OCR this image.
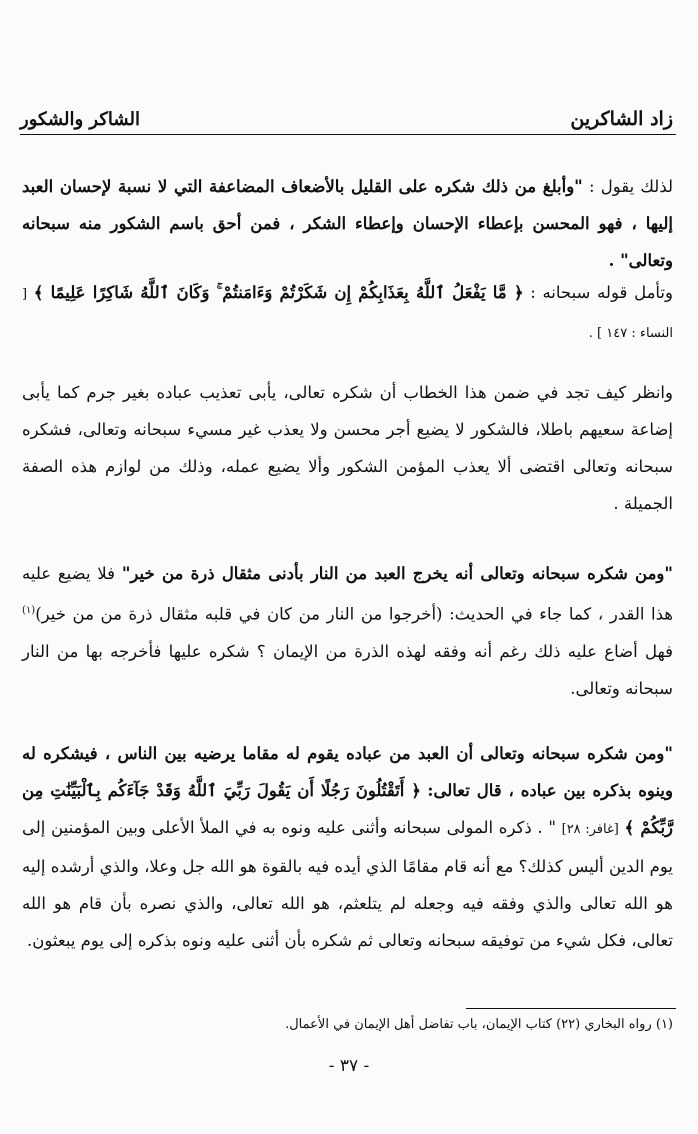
زاد الشاكرين
الشاكر والشكور

لذلك يقول : "وأبلغ من ذلك شكره على القليل بالأضعاف المضاعفة التي لا نسبة لإحسان العبد إليها ، فهو المحسن بإعطاء الإحسان وإعطاء الشكر ، فمن أحق باسم الشكور منه سبحانه وتعالى" .

وتأمل قوله سبحانه : ﴿ مَّا يَفْعَلُ ٱللَّهُ بِعَذَابِكُمْ إِن شَكَرْتُمْ وَءَامَنتُمْ ۚ وَكَانَ ٱللَّهُ شَاكِرًا عَلِيمًا ﴾ [ النساء : ١٤٧ ] .

وانظر كيف تجد في ضمن هذا الخطاب أن شكره تعالى، يأبى تعذيب عباده بغير جرم كما يأبى إضاعة سعيهم باطلا، فالشكور لا يضيع أجر محسن ولا يعذب غير مسيء سبحانه وتعالى، فشكره سبحانه وتعالى اقتضى ألا يعذب المؤمن الشكور وألا يضيع عمله، وذلك من لوازم هذه الصفة الجميلة .

"ومن شكره سبحانه وتعالى أنه يخرج العبد من النار بأدنى مثقال ذرة من خير" فلا يضيع عليه هذا القدر ، كما جاء في الحديث: (أخرجوا من النار من كان في قلبه مثقال ذرة من من خير)$^{(١)}$ فهل أضاع عليه ذلك رغم أنه وفقه لهذه الذرة من الإيمان ؟ شكره عليها فأخرجه بها من النار سبحانه وتعالى.

"ومن شكره سبحانه وتعالى أن العبد من عباده يقوم له مقاما يرضيه بين الناس ، فيشكره له وينوه بذكره بين عباده ، قال تعالى: ﴿ أَتَقْتُلُونَ رَجُلًا أَن يَقُولَ رَبِّيَ ٱللَّهُ وَقَدْ جَآءَكُم بِٱلْبَيِّنَٰتِ مِن رَّبِّكُمْ ﴾ [غافر: ٢٨] " . ذكره المولى سبحانه وأثنى عليه ونوه به في الملأ الأعلى وبين المؤمنين إلى يوم الدين أليس كذلك؟ مع أنه قام مقامًا الذي أيده فيه بالقوة هو الله جل وعلا، والذي أرشده إليه هو الله تعالى والذي وفقه فيه وجعله لم يتلعثم، هو الله تعالى، والذي نصره بأن قام هو الله تعالى، فكل شيء من توفيقه سبحانه وتعالى ثم شكره بأن أثنى عليه ونوه بذكره إلى يوم يبعثون.

(١) رواه البخاري (٢٢) كتاب الإيمان، باب تفاضل أهل الإيمان في الأعمال.

- ٣٧ -
